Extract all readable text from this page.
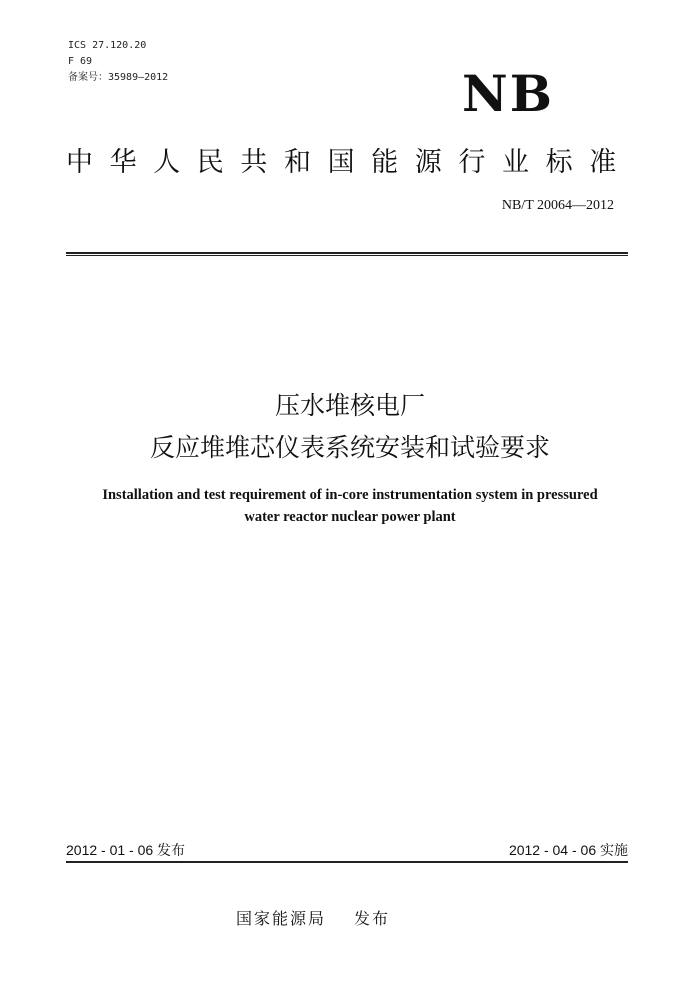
ICS 27.120.20
F 69
备案号：35989—2012	NB
中华人民共和国能源行业标准
NB/T 20064—2012
压水堆核电厂
反应堆堆芯仪表系统安装和试验要求
Installation and test requirement of in-core instrumentation system in pressured
water reactor nuclear power plant
2012 - 01 - 06 发布	2012 - 04 - 06 实施
国家能源局 发布
